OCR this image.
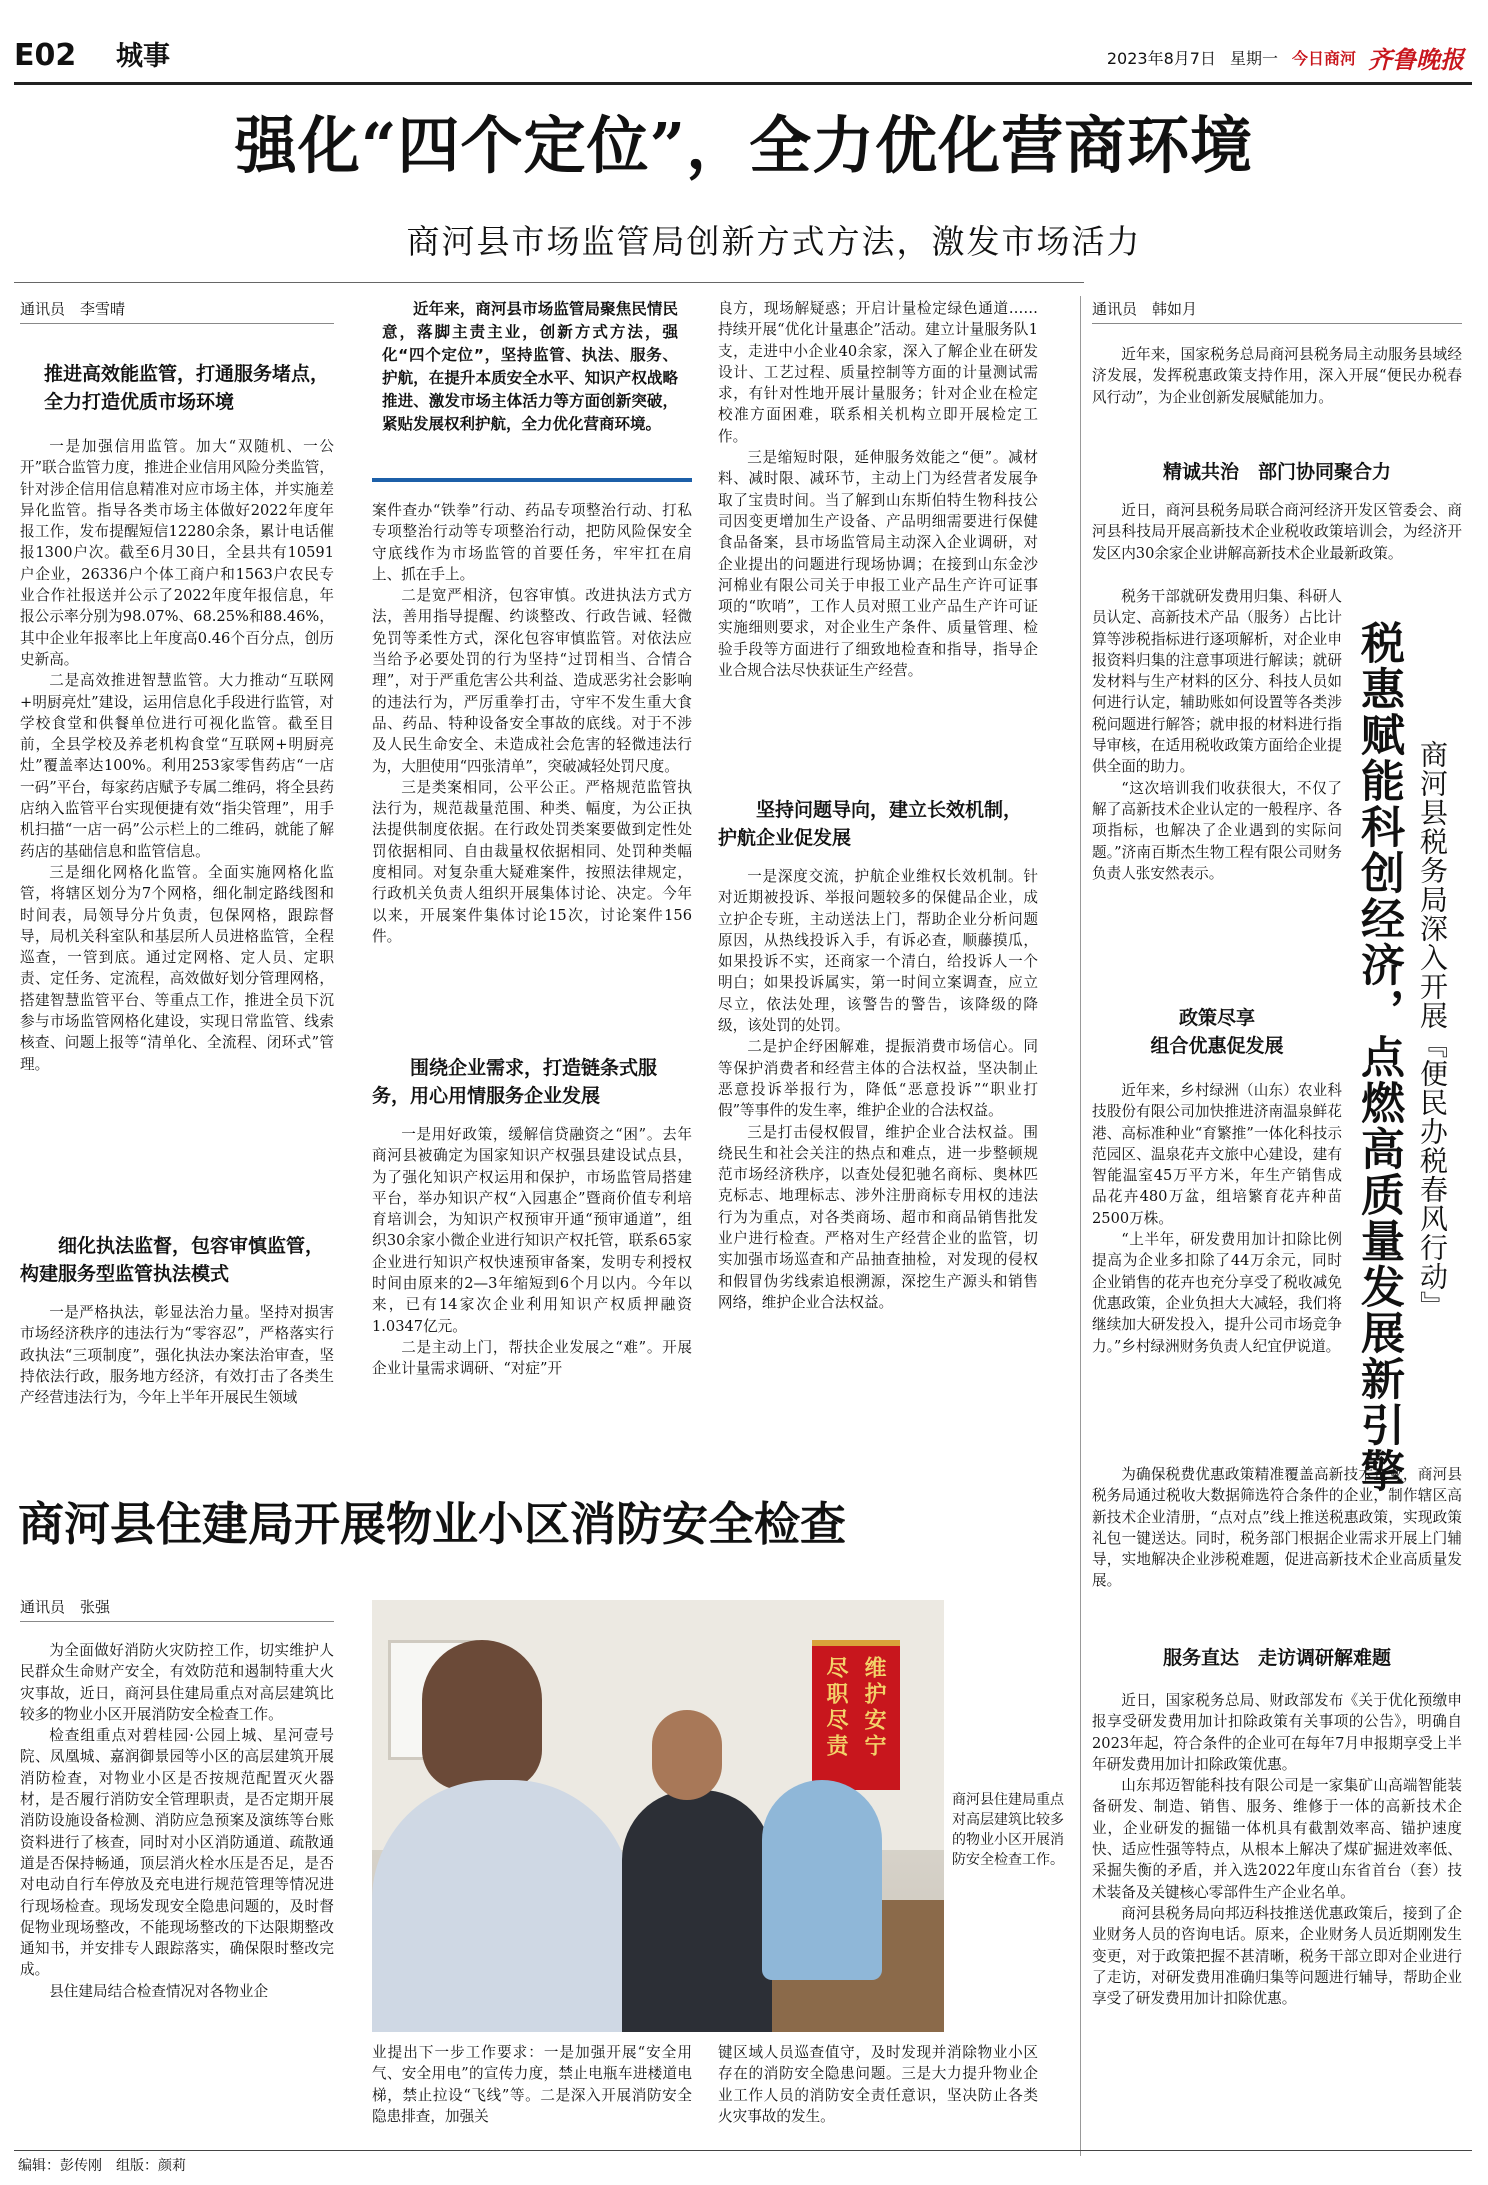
E02 城事	2023年8月7日 星期一 今日商河 齐鲁晚报
强化“四个定位”，全力优化营商环境
商河县市场监管局创新方式方法，激发市场活力
通讯员　李雪晴
推进高效能监管，打通服务堵点，全力打造优质市场环境

一是加强信用监管。加大“双随机、一公开”联合监管力度，推进企业信用风险分类监管，针对涉企信用信息精准对应市场主体，并实施差异化监管。指导各类市场主体做好2022年度年报工作，发布提醒短信12280余条，累计电话催报1300户次。截至6月30日，全县共有10591户企业，26336户个体工商户和1563户农民专业合作社报送并公示了2022年度年报信息，年报公示率分别为98.07%、68.25%和88.46%，其中企业年报率比上年度高0.46个百分点，创历史新高。

二是高效推进智慧监管。大力推动“互联网+明厨亮灶”建设，运用信息化手段进行监管，对学校食堂和供餐单位进行可视化监管。截至目前，全县学校及养老机构食堂“互联网+明厨亮灶”覆盖率达100%。利用253家零售药店“一店一码”平台，每家药店赋予专属二维码，将全县药店纳入监管平台实现便捷有效“指尖管理”，用手机扫描“一店一码”公示栏上的二维码，就能了解药店的基础信息和监管信息。

三是细化网格化监管。全面实施网格化监管，将辖区划分为7个网格，细化制定路线图和时间表，局领导分片负责，包保网格，跟踪督导，局机关科室队和基层所人员进格监管，全程巡查，一管到底。通过定网格、定人员、定职责、定任务、定流程，高效做好划分管理网格，搭建智慧监管平台、等重点工作，推进全员下沉参与市场监管网格化建设，实现日常监管、线索核查、问题上报等“清单化、全流程、闭环式”管理。

细化执法监督，包容审慎监管，构建服务型监管执法模式

一是严格执法，彰显法治力量。坚持对损害市场经济秩序的违法行为“零容忍”，严格落实行政执法“三项制度”，强化执法办案法治审查，坚持依法行政，服务地方经济，有效打击了各类生产经营违法行为，今年上半年开展民生领域

近年来，商河县市场监管局聚焦民情民意，落脚主责主业，创新方式方法，强化“四个定位”，坚持监管、执法、服务、护航，在提升本质安全水平、知识产权战略推进、激发市场主体活力等方面创新突破，紧贴发展权利护航，全力优化营商环境。

案件查办“铁拳”行动、药品专项整治行动、打私专项整治行动等专项整治行动，把防风险保安全守底线作为市场监管的首要任务，牢牢扛在肩上、抓在手上。

二是宽严相济，包容审慎。改进执法方式方法，善用指导提醒、约谈整改、行政告诫、轻微免罚等柔性方式，深化包容审慎监管。对依法应当给予必要处罚的行为坚持“过罚相当、合情合理”，对于严重危害公共利益、造成恶劣社会影响的违法行为，严厉重拳打击，守牢不发生重大食品、药品、特种设备安全事故的底线。对于不涉及人民生命安全、未造成社会危害的轻微违法行为，大胆使用“四张清单”，突破减轻处罚尺度。

三是类案相同，公平公正。严格规范监管执法行为，规范裁量范围、种类、幅度，为公正执法提供制度依据。在行政处罚类案要做到定性处罚依据相同、自由裁量权依据相同、处罚种类幅度相同。对复杂重大疑难案件，按照法律规定，行政机关负责人组织开展集体讨论、决定。今年以来，开展案件集体讨论15次，讨论案件156件。

围绕企业需求，打造链条式服务，用心用情服务企业发展

一是用好政策，缓解信贷融资之“困”。去年商河县被确定为国家知识产权强县建设试点县，为了强化知识产权运用和保护，市场监管局搭建平台，举办知识产权“入园惠企”暨商价值专利培育培训会，为知识产权预审开通“预审通道”，组织30余家小微企业进行知识产权托管，联系65家企业进行知识产权快速预审备案，发明专利授权时间由原来的2—3年缩短到6个月以内。今年以来，已有14家次企业利用知识产权质押融资1.0347亿元。

二是主动上门，帮扶企业发展之“难”。开展企业计量需求调研、“对症”开

良方，现场解疑惑；开启计量检定绿色通道……持续开展“优化计量惠企”活动。建立计量服务队1支，走进中小企业40余家，深入了解企业在研发设计、工艺过程、质量控制等方面的计量测试需求，有针对性地开展计量服务；针对企业在检定校准方面困难，联系相关机构立即开展检定工作。

三是缩短时限，延伸服务效能之“便”。减材料、减时限、减环节，主动上门为经营者发展争取了宝贵时间。当了解到山东斯伯特生物科技公司因变更增加生产设备、产品明细需要进行保健食品备案，县市场监管局主动深入企业调研，对企业提出的问题进行现场协调；在接到山东金沙河棉业有限公司关于申报工业产品生产许可证事项的“吹哨”，工作人员对照工业产品生产许可证实施细则要求，对企业生产条件、质量管理、检验手段等方面进行了细致地检查和指导，指导企业合规合法尽快获证生产经营。

坚持问题导向，建立长效机制，护航企业促发展

一是深度交流，护航企业维权长效机制。针对近期被投诉、举报问题较多的保健品企业，成立护企专班，主动送法上门，帮助企业分析问题原因，从热线投诉入手，有诉必查，顺藤摸瓜，如果投诉不实，还商家一个清白，给投诉人一个明白；如果投诉属实，第一时间立案调查，应立尽立，依法处理，该警告的警告，该降级的降级，该处罚的处罚。

二是护企纾困解难，提振消费市场信心。同等保护消费者和经营主体的合法权益，坚决制止恶意投诉举报行为，降低“恶意投诉”“职业打假”等事件的发生率，维护企业的合法权益。

三是打击侵权假冒，维护企业合法权益。围绕民生和社会关注的热点和难点，进一步整顿规范市场经济秩序，以查处侵犯驰名商标、奥林匹克标志、地理标志、涉外注册商标专用权的违法行为为重点，对各类商场、超市和商品销售批发业户进行检查。严格对生产经营企业的监管，切实加强市场巡查和产品抽查抽检，对发现的侵权和假冒伪劣线索追根溯源，深挖生产源头和销售网络，维护企业合法权益。

商河县住建局开展物业小区消防安全检查
通讯员　张强

为全面做好消防火灾防控工作，切实维护人民群众生命财产安全，有效防范和遏制特重大火灾事故，近日，商河县住建局重点对高层建筑比较多的物业小区开展消防安全检查工作。

检查组重点对碧桂园·公园上城、星河壹号院、凤凰城、嘉润御景园等小区的高层建筑开展消防检查，对物业小区是否按规范配置灭火器材，是否履行消防安全管理职责，是否定期开展消防设施设备检测、消防应急预案及演练等台账资料进行了核查，同时对小区消防通道、疏散通道是否保持畅通，顶层消火栓水压是否足，是否对电动自行车停放及充电进行规范管理等情况进行现场检查。现场发现安全隐患问题的，及时督促物业现场整改，不能现场整改的下达限期整改通知书，并安排专人跟踪落实，确保限时整改完成。

县住建局结合检查情况对各物业企

尽职尽责 维护安宁
商河县住建局重点对高层建筑比较多的物业小区开展消防安全检查工作。

业提出下一步工作要求：一是加强开展“安全用气、安全用电”的宣传力度，禁止电瓶车进楼道电梯，禁止拉设“飞线”等。二是深入开展消防安全隐患排查，加强关

键区域人员巡查值守，及时发现并消除物业小区存在的消防安全隐患问题。三是大力提升物业企业工作人员的消防安全责任意识，坚决防止各类火灾事故的发生。

通讯员　韩如月

近年来，国家税务总局商河县税务局主动服务县域经济发展，发挥税惠政策支持作用，深入开展“便民办税春风行动”，为企业创新发展赋能加力。

精诚共治　部门协同聚合力

近日，商河县税务局联合商河经济开发区管委会、商河县科技局开展高新技术企业税收政策培训会，为经济开发区内30余家企业讲解高新技术企业最新政策。

税务干部就研发费用归集、科研人员认定、高新技术产品（服务）占比计算等涉税指标进行逐项解析，对企业申报资料归集的注意事项进行解读；就研发材料与生产材料的区分、科技人员如何进行认定，辅助账如何设置等各类涉税问题进行解答；就申报的材料进行指导审核，在适用税收政策方面给企业提供全面的助力。

“这次培训我们收获很大，不仅了解了高新技术企业认定的一般程序、各项指标，也解决了企业遇到的实际问题。”济南百斯杰生物工程有限公司财务负责人张安然表示。

政策尽享
组合优惠促发展

近年来，乡村绿洲（山东）农业科技股份有限公司加快推进济南温泉鲜花港、高标准种业“育繁推”一体化科技示范园区、温泉花卉文旅中心建设，建有智能温室45万平方米，年生产销售成品花卉480万盆，组培繁育花卉种苗2500万株。

“上半年，研发费用加计扣除比例提高为企业多扣除了44万余元，同时企业销售的花卉也充分享受了税收减免优惠政策，企业负担大大减轻，我们将继续加大研发投入，提升公司市场竞争力。”乡村绿洲财务负责人纪宜伊说道。 税惠赋能科创经济，点燃高质量发展新引擎 商河县税务局深入开展『便民办税春风行动』

为确保税费优惠政策精准覆盖高新技术企业，商河县税务局通过税收大数据筛选符合条件的企业，制作辖区高新技术企业清册，“点对点”线上推送税惠政策，实现政策礼包一键送达。同时，税务部门根据企业需求开展上门辅导，实地解决企业涉税难题，促进高新技术企业高质量发展。

服务直达　走访调研解难题

近日，国家税务总局、财政部发布《关于优化预缴申报享受研发费用加计扣除政策有关事项的公告》，明确自2023年起，符合条件的企业可在每年7月申报期享受上半年研发费用加计扣除政策优惠。

山东邦迈智能科技有限公司是一家集矿山高端智能装备研发、制造、销售、服务、维修于一体的高新技术企业，企业研发的掘锚一体机具有截割效率高、锚护速度快、适应性强等特点，从根本上解决了煤矿掘进效率低、采掘失衡的矛盾，并入选2022年度山东省首台（套）技术装备及关键核心零部件生产企业名单。

商河县税务局向邦迈科技推送优惠政策后，接到了企业财务人员的咨询电话。原来，企业财务人员近期刚发生变更，对于政策把握不甚清晰，税务干部立即对企业进行了走访，对研发费用准确归集等问题进行辅导，帮助企业享受了研发费用加计扣除优惠。

编辑：彭传刚　组版：颜莉
